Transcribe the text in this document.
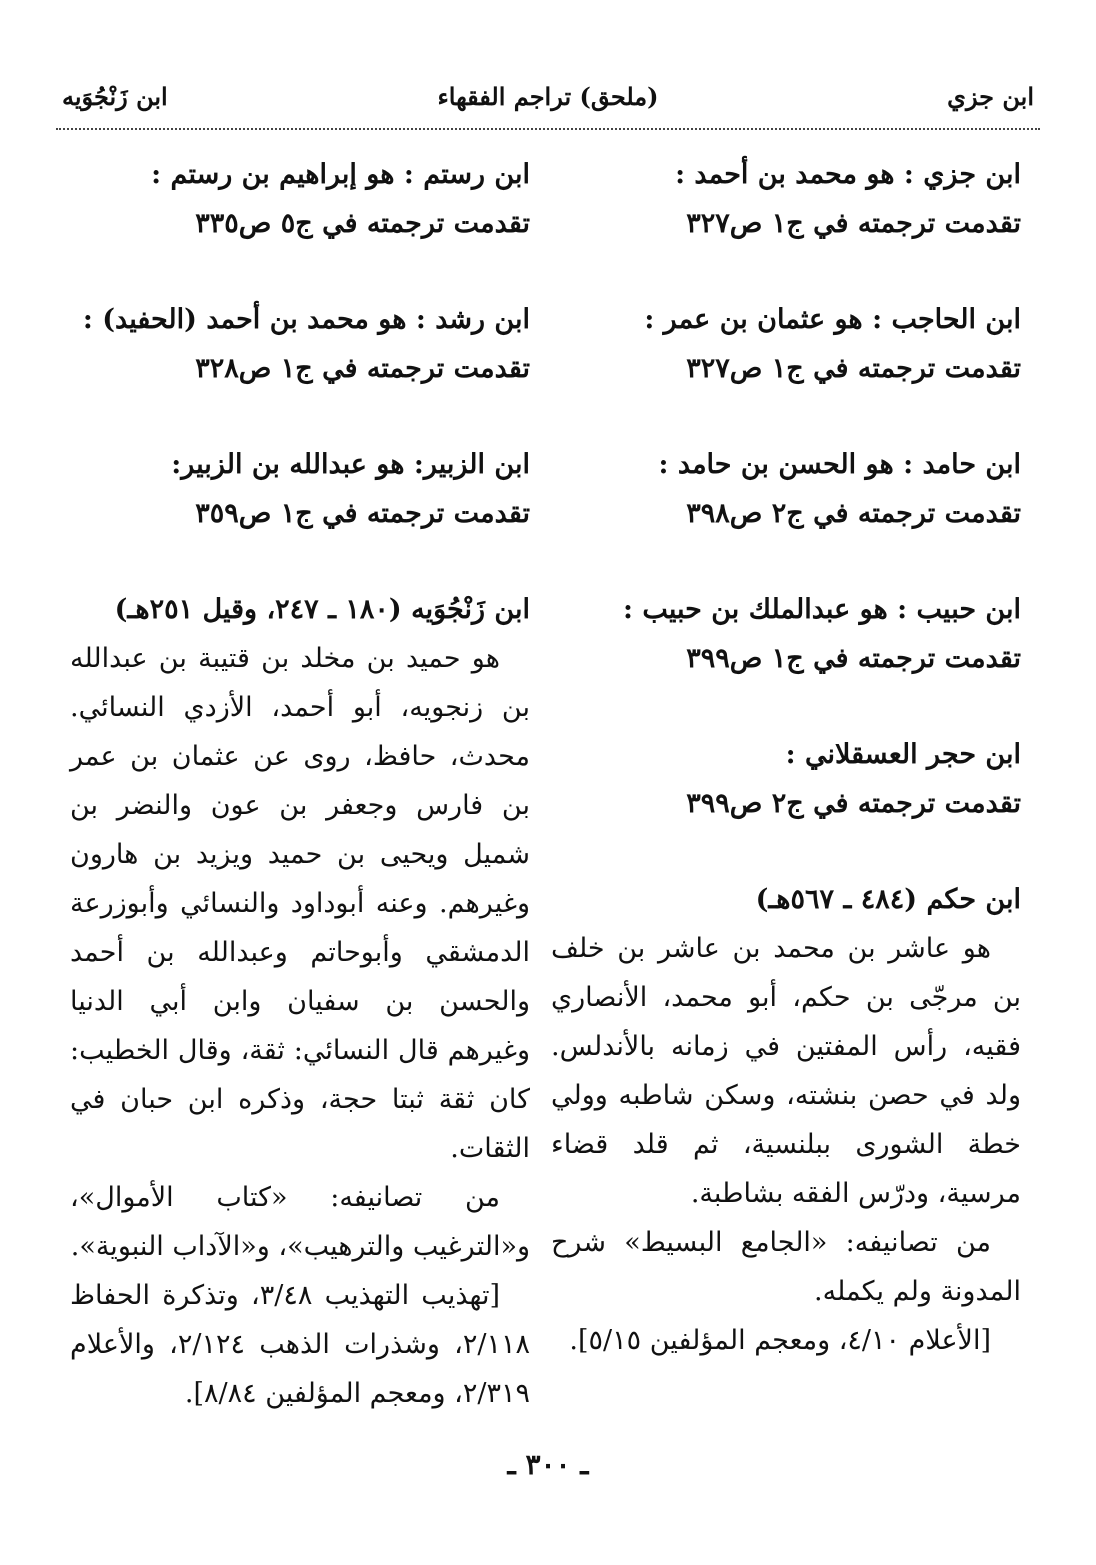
ابن جزي
(ملحق) تراجم الفقهاء
ابن زَنْجُوَيه

ابن جزي : هو محمد بن أحمد :

تقدمت ترجمته في ج١ ص٣٢٧

ابن الحاجب : هو عثمان بن عمر :

تقدمت ترجمته في ج١ ص٣٢٧

ابن حامد : هو الحسن بن حامد :

تقدمت ترجمته في ج٢ ص٣٩٨

ابن حبيب : هو عبدالملك بن حبيب :

تقدمت ترجمته في ج١ ص٣٩٩

ابن حجر العسقلاني :

تقدمت ترجمته في ج٢ ص٣٩٩

ابن حكم (٤٨٤ ـ ٥٦٧هـ)

هو عاشر بن محمد بن عاشر بن خلف بن مرجّى بن حكم، أبو محمد، الأنصاري فقيه، رأس المفتين في زمانه بالأندلس. ولد في حصن بنشته، وسكن شاطبه وولي خطة الشورى ببلنسية، ثم قلد قضاء مرسية، ودرّس الفقه بشاطبة.

من تصانيفه: «الجامع البسيط» شرح المدونة ولم يكمله.

[الأعلام ٤/١٠، ومعجم المؤلفين ٥/١٥].

ابن رستم : هو إبراهيم بن رستم :

تقدمت ترجمته في ج٥ ص٣٣٥

ابن رشد : هو محمد بن أحمد (الحفيد) :

تقدمت ترجمته في ج١ ص٣٢٨

ابن الزبير: هو عبدالله بن الزبير:

تقدمت ترجمته في ج١ ص٣٥٩

ابن زَنْجُوَيه (١٨٠ ـ ٢٤٧، وقيل ٢٥١هـ)

هو حميد بن مخلد بن قتيبة بن عبدالله بن زنجويه، أبو أحمد، الأزدي النسائي. محدث، حافظ، روى عن عثمان بن عمر بن فارس وجعفر بن عون والنضر بن شميل ويحيى بن حميد ويزيد بن هارون وغيرهم. وعنه أبوداود والنسائي وأبوزرعة الدمشقي وأبوحاتم وعبدالله بن أحمد والحسن بن سفيان وابن أبي الدنيا وغيرهم قال النسائي: ثقة، وقال الخطيب: كان ثقة ثبتا حجة، وذكره ابن حبان في الثقات.

من تصانيفه: «كتاب الأموال»، و«الترغيب والترهيب»، و«الآداب النبوية».

[تهذيب التهذيب ٣/٤٨، وتذكرة الحفاظ ٢/١١٨، وشذرات الذهب ٢/١٢٤، والأعلام ٢/٣١٩، ومعجم المؤلفين ٨/٨٤].

ـ ٣٠٠ ـ
